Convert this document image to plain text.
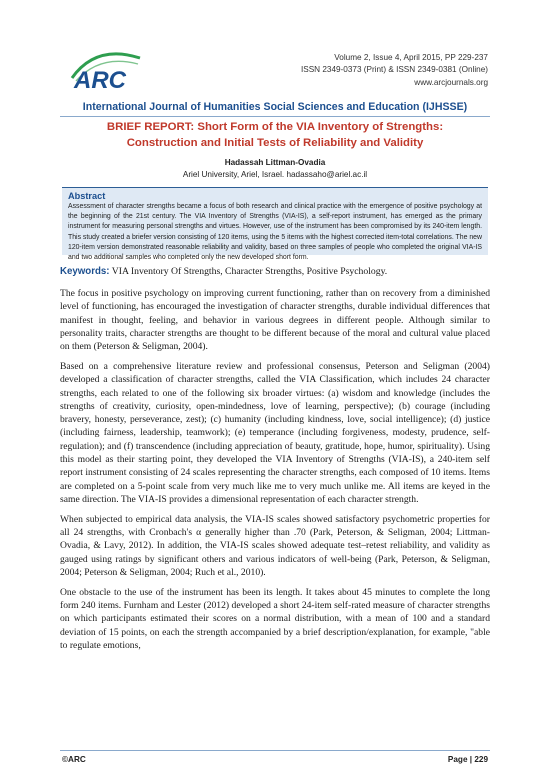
ARC
Volume 2, Issue 4, April 2015, PP 229-237
ISSN 2349-0373 (Print) & ISSN 2349-0381 (Online)
www.arcjournals.org
International Journal of Humanities Social Sciences and Education (IJHSSE)
BRIEF REPORT: Short Form of the VIA Inventory of Strengths:
Construction and Initial Tests of Reliability and Validity
Hadassah Littman-Ovadia
Ariel University, Ariel, Israel. hadassaho@ariel.ac.il
Abstract
Assessment of character strengths became a focus of both research and clinical practice with the emergence of positive psychology at the beginning of the 21st century. The VIA Inventory of Strengths (VIA-IS), a self-report instrument, has emerged as the primary instrument for measuring personal strengths and virtues. However, use of the instrument has been compromised by its 240-item length. This study created a briefer version consisting of 120 items, using the 5 items with the highest corrected item-total correlations. The new 120-item version demonstrated reasonable reliability and validity, based on three samples of people who completed the original VIA-IS and two additional samples who completed only the new developed short form.
Keywords: VIA Inventory Of Strengths, Character Strengths, Positive Psychology.

The focus in positive psychology on improving current functioning, rather than on recovery from a diminished level of functioning, has encouraged the investigation of character strengths, durable individual differences that manifest in thought, feeling, and behavior in various degrees in different people. Although similar to personality traits, character strengths are thought to be different because of the moral and cultural value placed on them (Peterson & Seligman, 2004).

Based on a comprehensive literature review and professional consensus, Peterson and Seligman (2004) developed a classification of character strengths, called the VIA Classification, which includes 24 character strengths, each related to one of the following six broader virtues: (a) wisdom and knowledge (includes the strengths of creativity, curiosity, open-mindedness, love of learning, perspective); (b) courage (including bravery, honesty, perseverance, zest); (c) humanity (including kindness, love, social intelligence); (d) justice (including fairness, leadership, teamwork); (e) temperance (including forgiveness, modesty, prudence, self-regulation); and (f) transcendence (including appreciation of beauty, gratitude, hope, humor, spirituality). Using this model as their starting point, they developed the VIA Inventory of Strengths (VIA-IS), a 240-item self report instrument consisting of 24 scales representing the character strengths, each composed of 10 items. Items are completed on a 5-point scale from very much like me to very much unlike me. All items are keyed in the same direction. The VIA-IS provides a dimensional representation of each character strength.

When subjected to empirical data analysis, the VIA-IS scales showed satisfactory psychometric properties for all 24 strengths, with Cronbach's α generally higher than .70 (Park, Peterson, & Seligman, 2004; Littman-Ovadia, & Lavy, 2012). In addition, the VIA-IS scales showed adequate test–retest reliability, and validity as gauged using ratings by significant others and various indicators of well-being (Park, Peterson, & Seligman, 2004; Peterson & Seligman, 2004; Ruch et al., 2010).

One obstacle to the use of the instrument has been its length. It takes about 45 minutes to complete the long form 240 items. Furnham and Lester (2012) developed a short 24-item self-rated measure of character strengths on which participants estimated their scores on a normal distribution, with a mean of 100 and a standard deviation of 15 points, on each the strength accompanied by a brief description/explanation, for example, "able to regulate emotions,

©ARC	Page | 229
